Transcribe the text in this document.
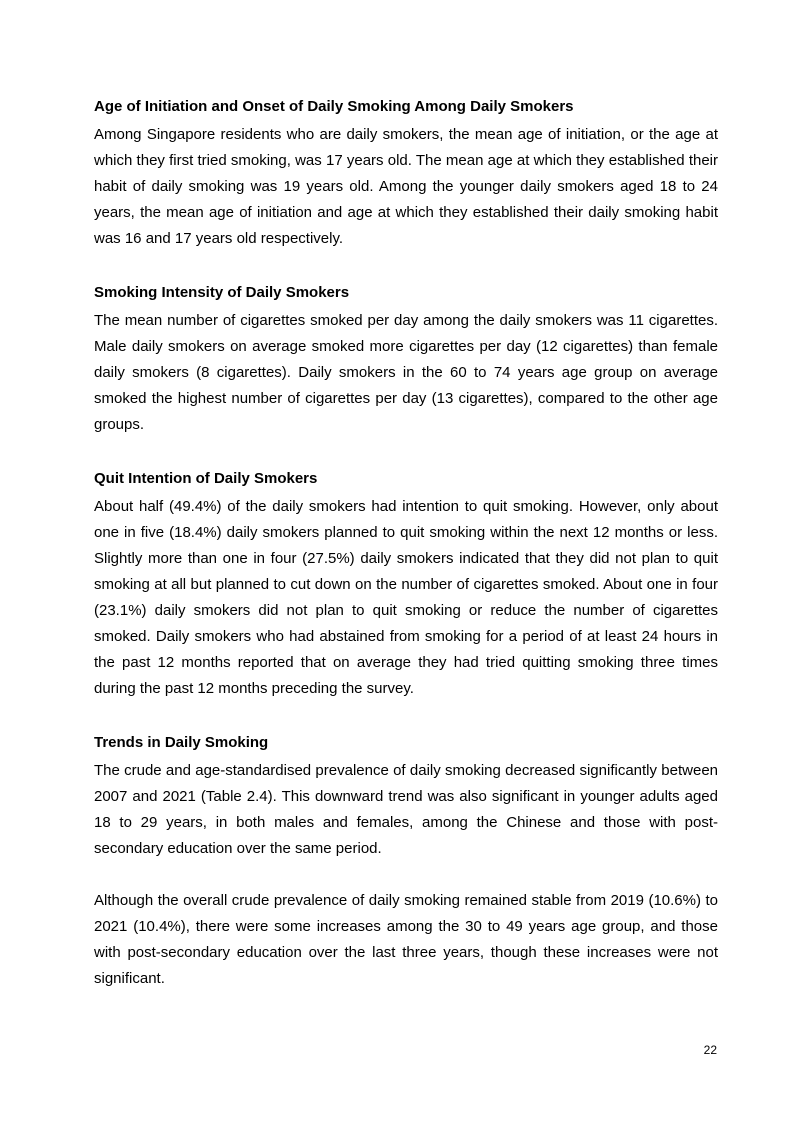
Age of Initiation and Onset of Daily Smoking Among Daily Smokers

Among Singapore residents who are daily smokers, the mean age of initiation, or the age at which they first tried smoking, was 17 years old. The mean age at which they established their habit of daily smoking was 19 years old. Among the younger daily smokers aged 18 to 24 years, the mean age of initiation and age at which they established their daily smoking habit was 16 and 17 years old respectively.

Smoking Intensity of Daily Smokers

The mean number of cigarettes smoked per day among the daily smokers was 11 cigarettes. Male daily smokers on average smoked more cigarettes per day (12 cigarettes) than female daily smokers (8 cigarettes). Daily smokers in the 60 to 74 years age group on average smoked the highest number of cigarettes per day (13 cigarettes), compared to the other age groups.

Quit Intention of Daily Smokers

About half (49.4%) of the daily smokers had intention to quit smoking. However, only about one in five (18.4%) daily smokers planned to quit smoking within the next 12 months or less. Slightly more than one in four (27.5%) daily smokers indicated that they did not plan to quit smoking at all but planned to cut down on the number of cigarettes smoked. About one in four (23.1%) daily smokers did not plan to quit smoking or reduce the number of cigarettes smoked. Daily smokers who had abstained from smoking for a period of at least 24 hours in the past 12 months reported that on average they had tried quitting smoking three times during the past 12 months preceding the survey.

Trends in Daily Smoking

The crude and age-standardised prevalence of daily smoking decreased significantly between 2007 and 2021 (Table 2.4). This downward trend was also significant in younger adults aged 18 to 29 years, in both males and females, among the Chinese and those with post-secondary education over the same period.

Although the overall crude prevalence of daily smoking remained stable from 2019 (10.6%) to 2021 (10.4%), there were some increases among the 30 to 49 years age group, and those with post-secondary education over the last three years, though these increases were not significant.

22
